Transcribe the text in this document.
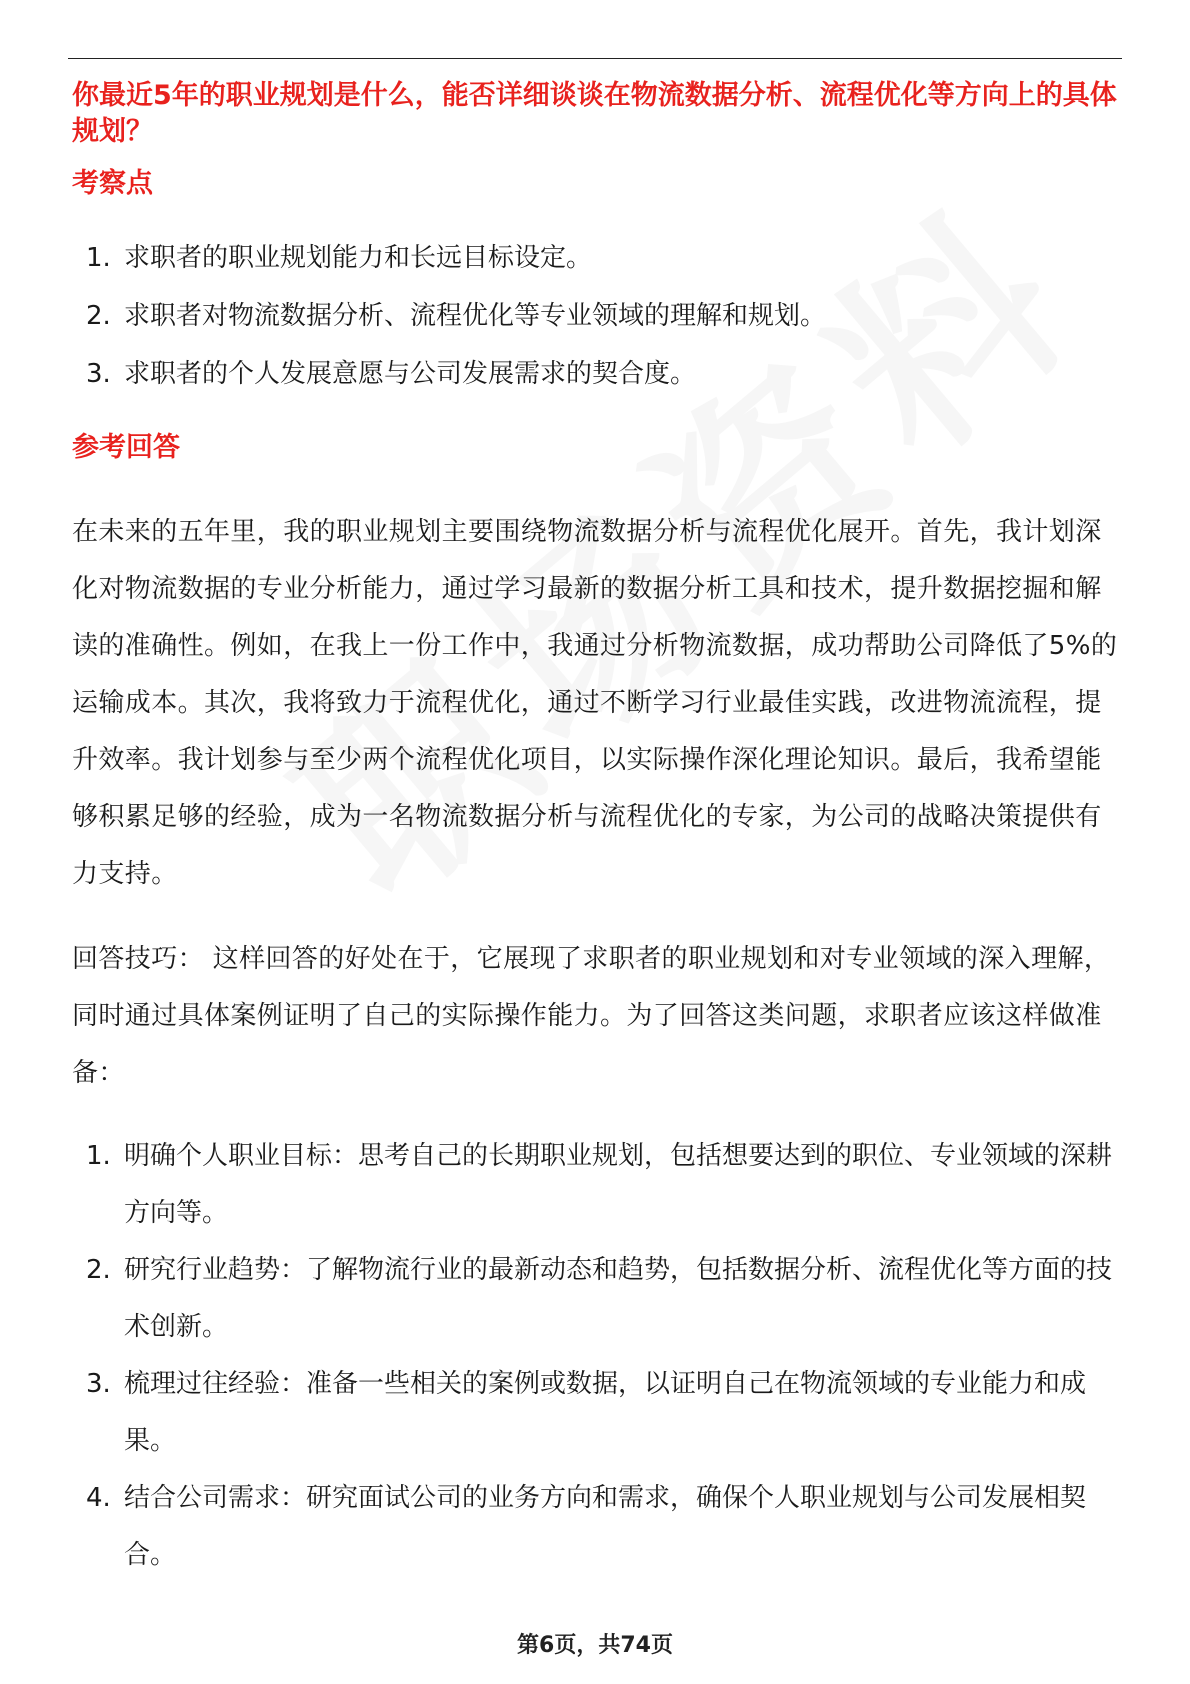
你最近5年的职业规划是什么，能否详细谈谈在物流数据分析、流程优化等方向上的具体规划？

考察点

1. 求职者的职业规划能力和长远目标设定。
2. 求职者对物流数据分析、流程优化等专业领域的理解和规划。
3. 求职者的个人发展意愿与公司发展需求的契合度。

参考回答

在未来的五年里，我的职业规划主要围绕物流数据分析与流程优化展开。首先，我计划深化对物流数据的专业分析能力，通过学习最新的数据分析工具和技术，提升数据挖掘和解读的准确性。例如，在我上一份工作中，我通过分析物流数据，成功帮助公司降低了5%的运输成本。其次，我将致力于流程优化，通过不断学习行业最佳实践，改进物流流程，提升效率。我计划参与至少两个流程优化项目，以实际操作深化理论知识。最后，我希望能够积累足够的经验，成为一名物流数据分析与流程优化的专家，为公司的战略决策提供有力支持。

回答技巧： 这样回答的好处在于，它展现了求职者的职业规划和对专业领域的深入理解，同时通过具体案例证明了自己的实际操作能力。为了回答这类问题，求职者应该这样做准备：

1. 明确个人职业目标：思考自己的长期职业规划，包括想要达到的职位、专业领域的深耕方向等。
2. 研究行业趋势：了解物流行业的最新动态和趋势，包括数据分析、流程优化等方面的技术创新。
3. 梳理过往经验：准备一些相关的案例或数据，以证明自己在物流领域的专业能力和成果。
4. 结合公司需求：研究面试公司的业务方向和需求，确保个人职业规划与公司发展相契合。
第6页，共74页
